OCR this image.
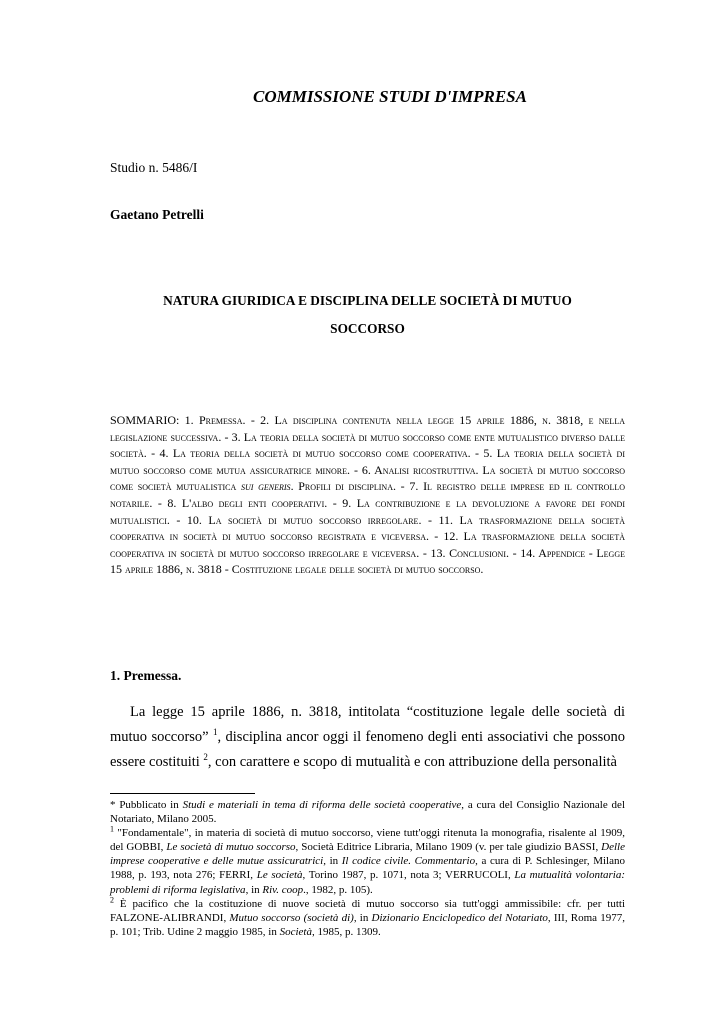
COMMISSIONE STUDI D'IMPRESA
Studio n. 5486/I
Gaetano Petrelli
NATURA GIURIDICA E DISCIPLINA DELLE SOCIETÀ DI MUTUO
SOCCORSO
SOMMARIO: 1. Premessa. - 2. La disciplina contenuta nella legge 15 aprile 1886, n. 3818, e nella legislazione successiva. - 3. La teoria della società di mutuo soccorso come ente mutualistico diverso dalle società. - 4. La teoria della società di mutuo soccorso come cooperativa. - 5. La teoria della società di mutuo soccorso come mutua assicuratrice minore. - 6. Analisi ricostruttiva. La società di mutuo soccorso come società mutualistica sui generis. Profili di disciplina. - 7. Il registro delle imprese ed il controllo notarile. - 8. L'albo degli enti cooperativi. - 9. La contribuzione e la devoluzione a favore dei fondi mutualistici. - 10. La società di mutuo soccorso irregolare. - 11. La trasformazione della società cooperativa in società di mutuo soccorso registrata e viceversa. - 12. La trasformazione della società cooperativa in società di mutuo soccorso irregolare e viceversa. - 13. Conclusioni. - 14. Appendice - Legge 15 aprile 1886, n. 3818 - Costituzione legale delle società di mutuo soccorso.
1. Premessa.
La legge 15 aprile 1886, n. 3818, intitolata “costituzione legale delle società di mutuo soccorso” $^1$, disciplina ancor oggi il fenomeno degli enti associativi che possono essere costituiti $^2$, con carattere e scopo di mutualità e con attribuzione della personalità

* Pubblicato in Studi e materiali in tema di riforma delle società cooperative, a cura del Consiglio Nazionale del Notariato, Milano 2005.

$^1$ "Fondamentale", in materia di società di mutuo soccorso, viene tutt'oggi ritenuta la monografia, risalente al 1909, del GOBBI, Le società di mutuo soccorso, Società Editrice Libraria, Milano 1909 (v. per tale giudizio BASSI, Delle imprese cooperative e delle mutue assicuratrici, in Il codice civile. Commentario, a cura di P. Schlesinger, Milano 1988, p. 193, nota 276; FERRI, Le società, Torino 1987, p. 1071, nota 3; VERRUCOLI, La mutualità volontaria: problemi di riforma legislativa, in Riv. coop., 1982, p. 105).

$^2$ È pacifico che la costituzione di nuove società di mutuo soccorso sia tutt'oggi ammissibile: cfr. per tutti FALZONE-ALIBRANDI, Mutuo soccorso (società di), in Dizionario Enciclopedico del Notariato, III, Roma 1977, p. 101; Trib. Udine 2 maggio 1985, in Società, 1985, p. 1309.
